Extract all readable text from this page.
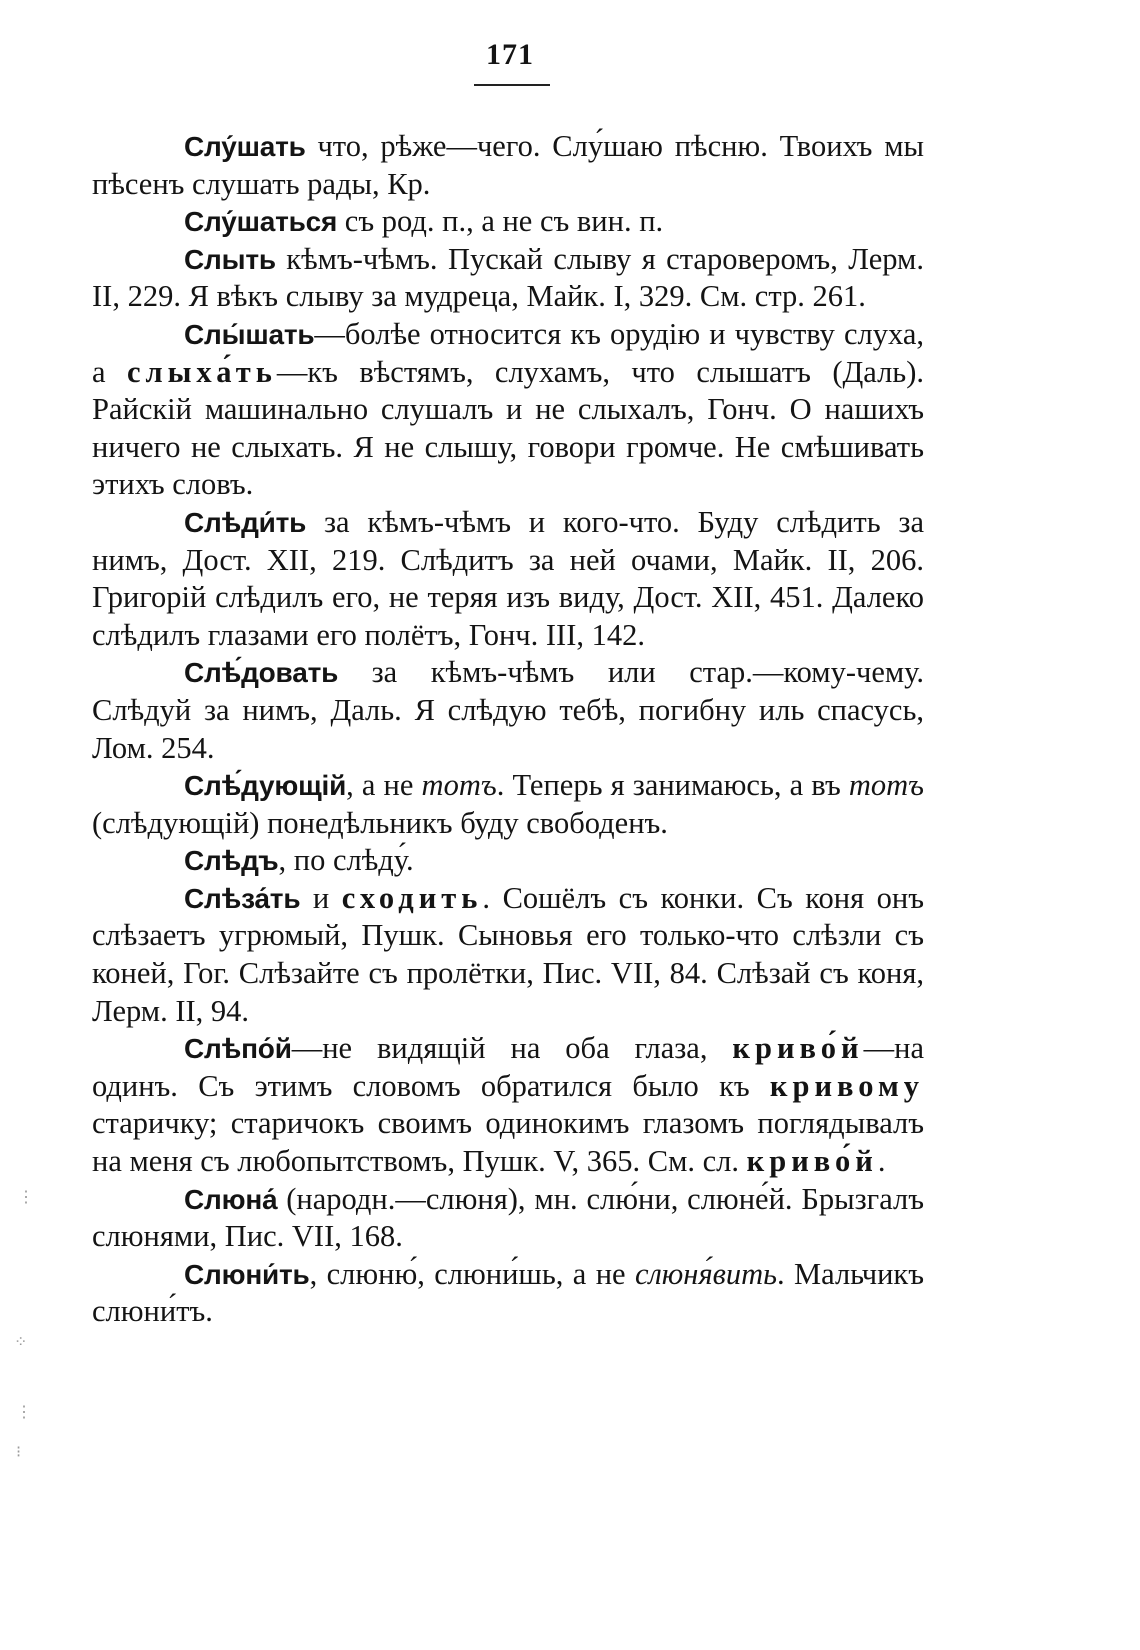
171

Слу́шать что, рѣже—чего. Слу́шаю пѣсню. Твоихъ мы пѣсенъ слушать рады, Кр.

Слу́шаться съ род. п., а не съ вин. п.

Слыть кѣмъ-чѣмъ. Пускай слыву я староверомъ, Лерм. II, 229. Я вѣкъ слыву за мудреца, Майк. I, 329. См. стр. 261.

Слы́шать—болѣе относится къ орудію и чувству слуха, а слыха́ть—къ вѣстямъ, слухамъ, что слышатъ (Даль). Райскій машинально слушалъ и не слыхалъ, Гонч. О нашихъ ничего не слыхать. Я не слышу, говори громче. Не смѣшивать этихъ словъ.

Слѣди́ть за кѣмъ-чѣмъ и кого-что. Буду слѣдить за нимъ, Дост. XII, 219. Слѣдитъ за ней очами, Майк. II, 206. Григорій слѣдилъ его, не теряя изъ виду, Дост. XII, 451. Далеко слѣдилъ глазами его полётъ, Гонч. III, 142.

Слѣ́довать за кѣмъ-чѣмъ или стар.—кому-чему. Слѣдуй за нимъ, Даль. Я слѣдую тебѣ, погибну иль спасусь, Лом. 254.

Слѣ́дующій, а не тотъ. Теперь я занимаюсь, а въ тотъ (слѣдующій) понедѣльникъ буду свободенъ.

Слѣдъ, по слѣду́.

Слѣза́ть и сходить. Сошёлъ съ конки. Съ коня онъ слѣзаетъ угрюмый, Пушк. Сыновья его только-что слѣзли съ коней, Гог. Слѣзайте съ пролётки, Пис. VII, 84. Слѣзай съ коня, Лерм. II, 94.

Слѣпо́й—не видящій на оба глаза, криво́й—на одинъ. Съ этимъ словомъ обратился было къ кривому старичку; старичокъ своимъ одинокимъ глазомъ поглядывалъ на меня съ любопытствомъ, Пушк. V, 365. См. сл. криво́й.

Слюна́ (народн.—слюня), мн. слю́ни, слюне́й. Брызгалъ слюнями, Пис. VII, 168.

Слюни́ть, слюню́, слюни́шь, а не слюня́вить. Мальчикъ слюни́тъ.

⋮
⁘
⋮
⁝
